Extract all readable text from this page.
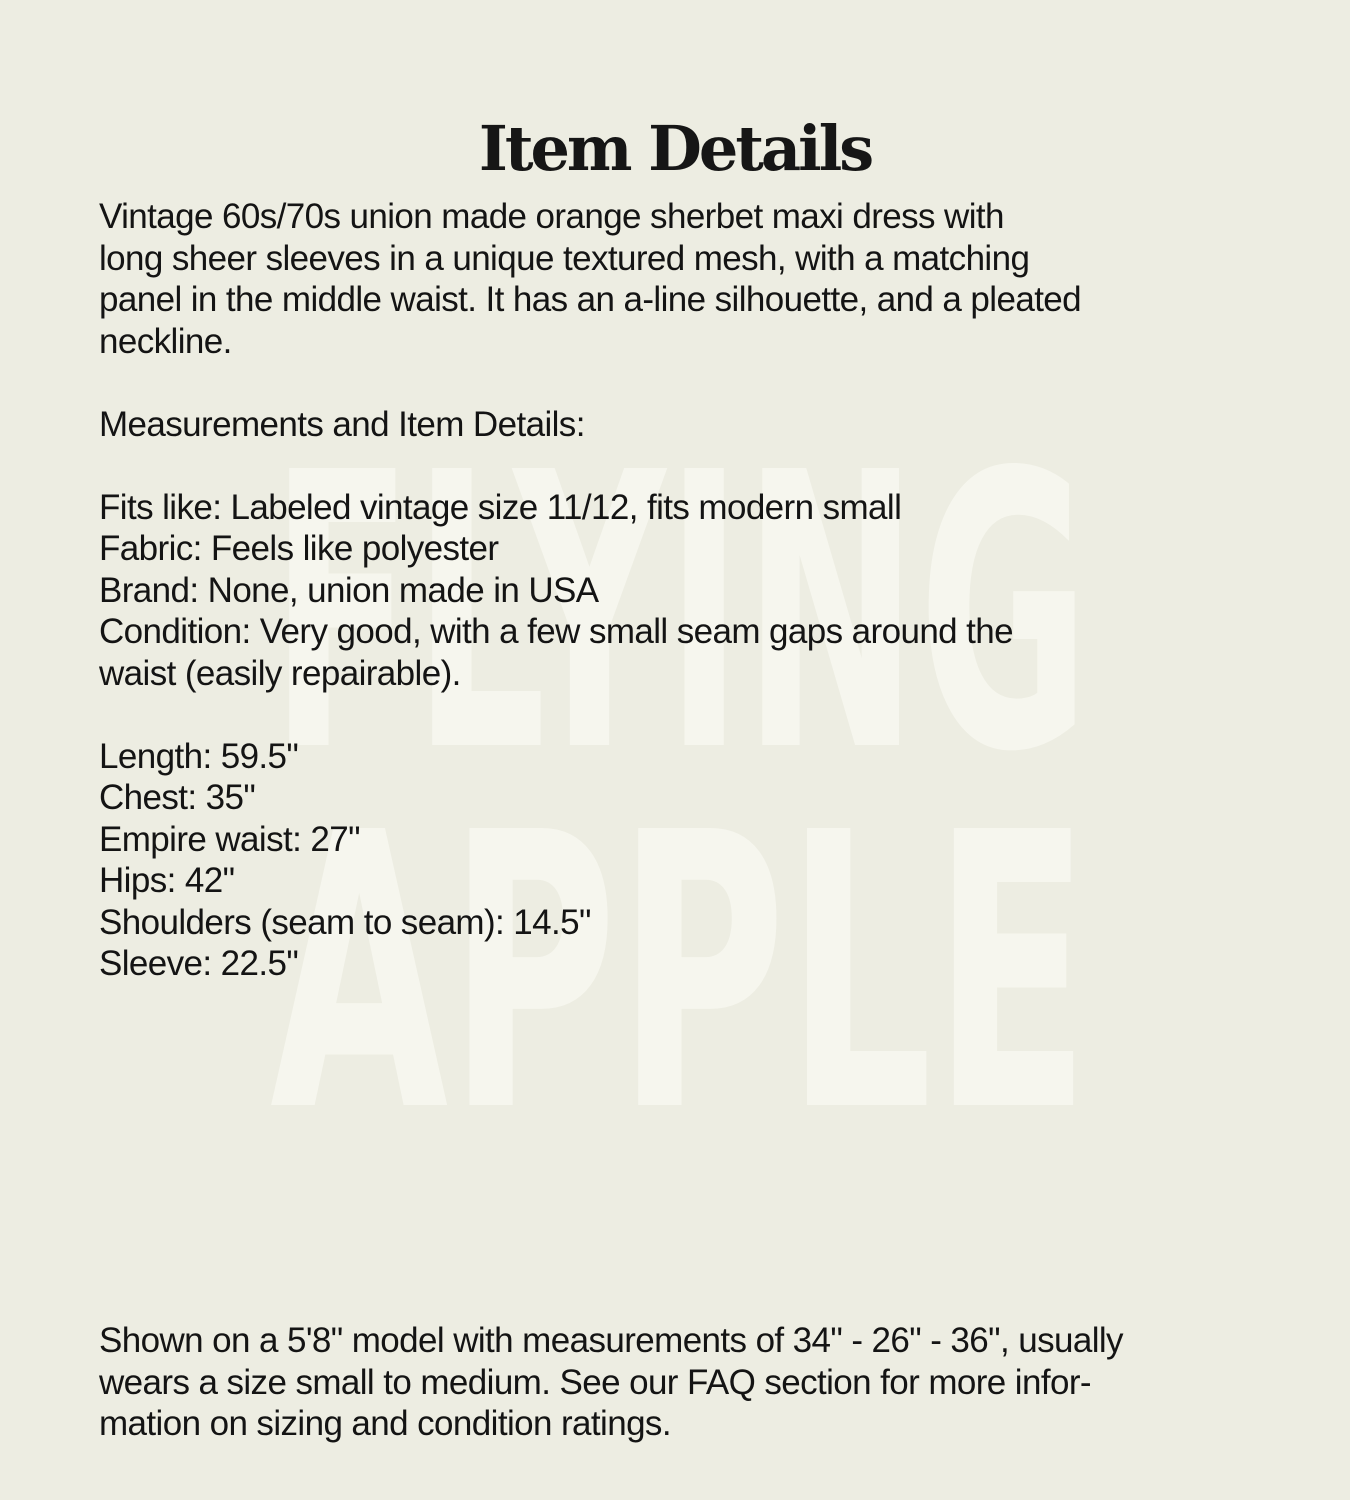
FLYING
APPLE
Item Details

Vintage 60s/70s union made orange sherbet maxi dress with

long sheer sleeves in a unique textured mesh, with a matching

panel in the middle waist. It has an a-line silhouette, and a pleated

neckline.

Measurements and Item Details:

Fits like: Labeled vintage size 11/12, fits modern small

Fabric: Feels like polyester

Brand: None, union made in USA

Condition: Very good, with a few small seam gaps around the

waist (easily repairable).

Length: 59.5"

Chest: 35"

Empire waist: 27"

Hips: 42"

Shoulders (seam to seam): 14.5"

Sleeve: 22.5"

Shown on a 5'8" model with measurements of 34" - 26" - 36", usually

wears a size small to medium. See our FAQ section for more infor-

mation on sizing and condition ratings.
